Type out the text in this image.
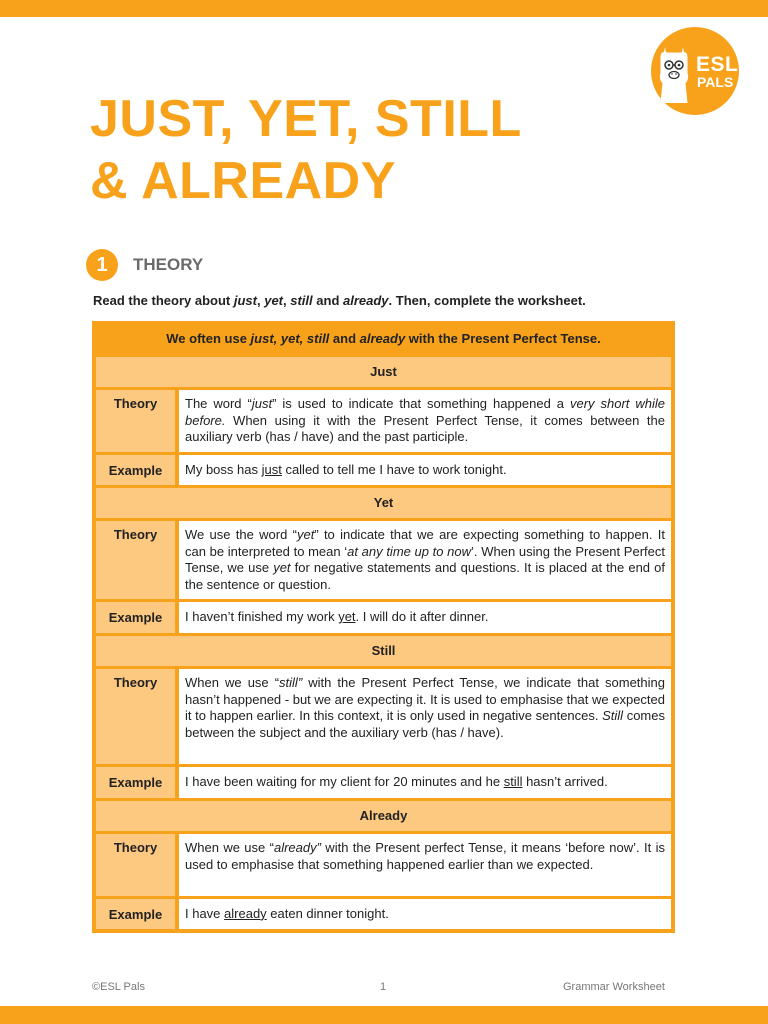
ESL
PALS
JUST, YET, STILL
& ALREADY
1	THEORY
Read the theory about just, yet, still and already. Then, complete the worksheet.
We often use just, yet, still and already with the Present Perfect Tense.
Just
Theory	The word “just” is used to indicate that something happened a very short while before. When using it with the Present Perfect Tense, it comes between the auxiliary verb (has / have) and the past participle.
Example	My boss has just called to tell me I have to work tonight.
Yet
Theory	We use the word “yet” to indicate that we are expecting something to happen. It can be interpreted to mean ‘at any time up to now’. When using the Present Perfect Tense, we use yet for negative statements and questions. It is placed at the end of the sentence or question.
Example	I haven’t finished my work yet. I will do it after dinner.
Still
Theory	When we use “still” with the Present Perfect Tense, we indicate that something hasn’t happened - but we are expecting it. It is used to emphasise that we expected it to happen earlier. In this context, it is only used in negative sentences. Still comes between the subject and the auxiliary verb (has / have).
Example	I have been waiting for my client for 20 minutes and he still hasn’t arrived.
Already
Theory	When we use “already” with the Present perfect Tense, it means ‘before now’. It is used to emphasise that something happened earlier than we expected.
Example	I have already eaten dinner tonight.
©ESL Pals	1	Grammar Worksheet
